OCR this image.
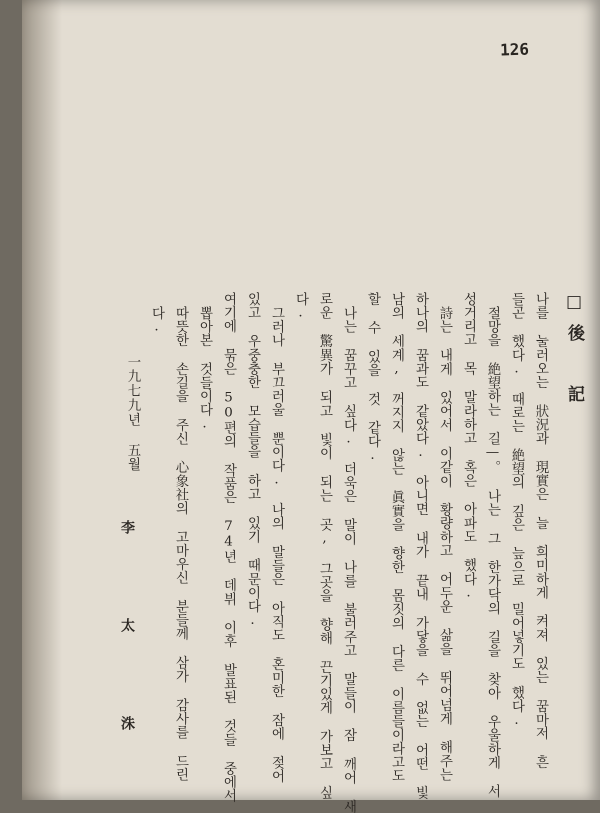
126
□後 記
나를 눌러오는 狀況과 現實은 늘 희미하게 켜져 있는 꿈마저 흔
들곤 했다. 때로는 絶望의 깊은 늪으로 밀어넣기도 했다.
절망을 絶望하는 길—。 나는 그 한가닥의 길을 찾아 우울하게 서
성거리고 목 말라하고 혹은 아파도 했다.
詩는 내게 있어서 이같이 황량하고 어두운 삶을 뛰어넘게 해주는
하나의 꿈과도 같았다. 아니면 내가 끝내 가닿을 수 없는 어떤 빛
남의 세계, 꺼지지 않는 眞實을 향한 몸짓의 다른 이름들이라고도
할 수 있을 것 같다.
나는 꿈꾸고 싶다. 더욱은 말이 나를 불러주고 말들이 잠 깨어 새
로운 驚異가 되고 빛이 되는 곳, 그곳을 향해 끈기있게 가보고 싶
다.
그러나 부끄러울 뿐이다. 나의 말들은 아직도 혼미한 잠에 젖어
있고 우중충한 모습들을 하고 있기 때문이다.
여기에 묶은 50편의 작품은 74년 데뷔 이후 발표된 것들 중에서
뽑아본 것들이다.
따뜻한 손길을 주신 心象社의 고마우신 분들께 삼가 감사를 드린
다.
一九七九년 五월
李 太 洙
